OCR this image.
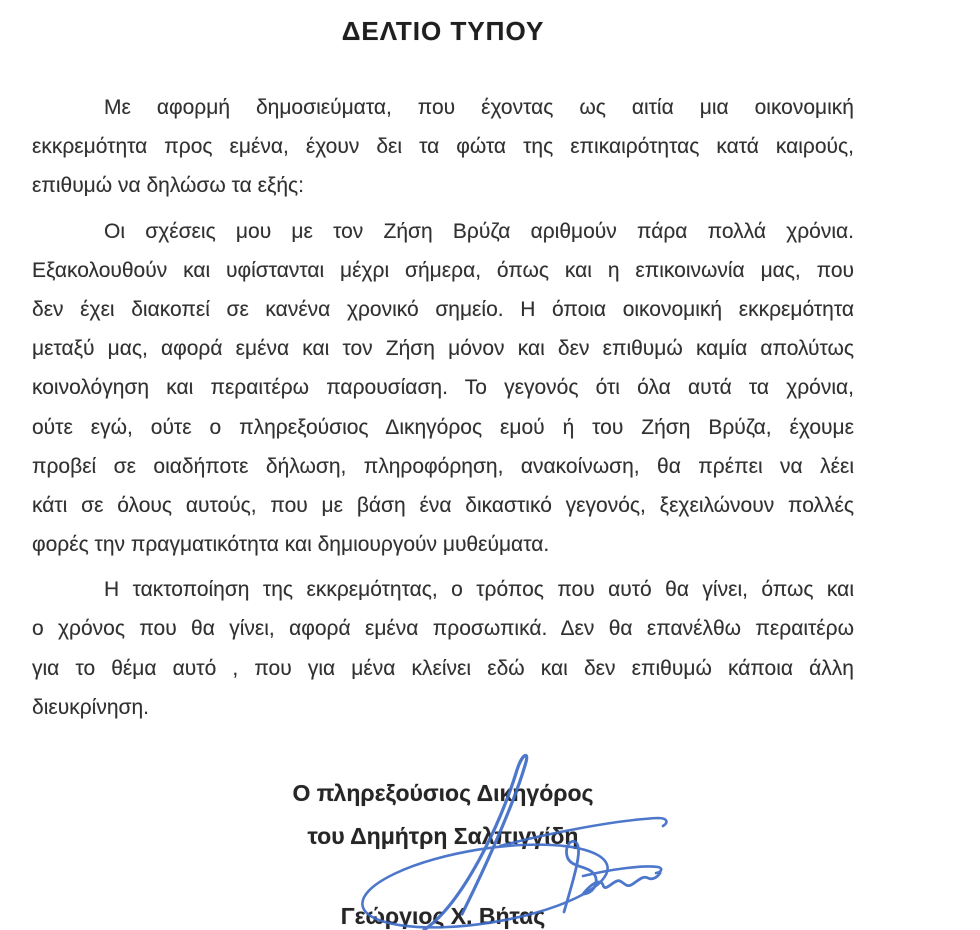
ΔΕΛΤΙΟ ΤΥΠΟΥ
Με αφορμή δημοσιεύματα, που έχοντας ως αιτία μια οικονομική
εκκρεμότητα προς εμένα, έχουν δει τα φώτα της επικαιρότητας κατά καιρούς,
επιθυμώ να δηλώσω τα εξής:
Οι σχέσεις μου με τον Ζήση Βρύζα αριθμούν πάρα πολλά χρόνια.
Εξακολουθούν και υφίστανται μέχρι σήμερα, όπως και η επικοινωνία μας, που
δεν έχει διακοπεί σε κανένα χρονικό σημείο. Η όποια οικονομική εκκρεμότητα
μεταξύ μας, αφορά εμένα και τον Ζήση μόνον και δεν επιθυμώ καμία απολύτως
κοινολόγηση και περαιτέρω παρουσίαση. Το γεγονός ότι όλα αυτά τα χρόνια,
ούτε εγώ, ούτε ο πληρεξούσιος Δικηγόρος εμού ή του Ζήση Βρύζα, έχουμε
προβεί σε οιαδήποτε δήλωση, πληροφόρηση, ανακοίνωση, θα πρέπει να λέει
κάτι σε όλους αυτούς, που με βάση ένα δικαστικό γεγονός, ξεχειλώνουν πολλές
φορές την πραγματικότητα και δημιουργούν μυθεύματα.
Η τακτοποίηση της εκκρεμότητας, ο τρόπος που αυτό θα γίνει, όπως και
ο χρόνος που θα γίνει, αφορά εμένα προσωπικά. Δεν θα επανέλθω περαιτέρω
για το θέμα αυτό , που για μένα κλείνει εδώ και δεν επιθυμώ κάποια άλλη
διευκρίνηση.
Ο πληρεξούσιος Δικηγόρος
του Δημήτρη Σαλπιγγίδη
Γεώργιος Χ. Βήτας
